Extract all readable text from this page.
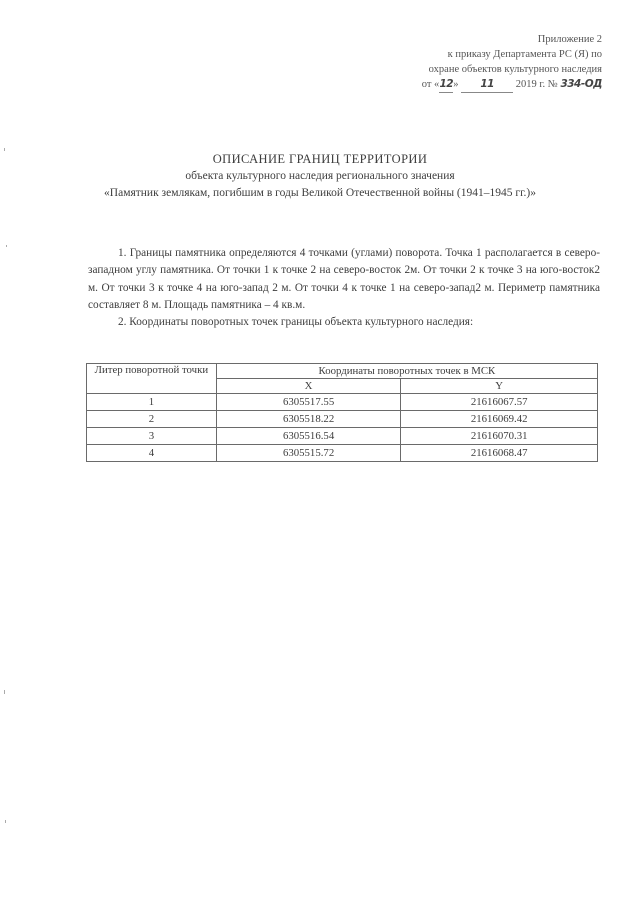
Приложение 2
к приказу Департамента РС (Я) по
охране объектов культурного наследия
от «12» 11 2019 г. № 334-ОД
ОПИСАНИЕ ГРАНИЦ ТЕРРИТОРИИ
объекта культурного наследия регионального значения
«Памятник землякам, погибшим в годы Великой Отечественной войны (1941–1945 гг.)»

1. Границы памятника определяются 4 точками (углами) поворота. Точка 1 располагается в северо-западном углу памятника. От точки 1 к точке 2 на северо-восток 2м. От точки 2 к точке 3 на юго-восток2 м. От точки 3 к точке 4 на юго-запад 2 м. От точки 4 к точке 1 на северо-запад2 м. Периметр памятника составляет 8 м. Площадь памятника – 4 кв.м.

2. Координаты поворотных точек границы объекта культурного наследия:

Литер поворотной точки	Координаты поворотных точек в МСК	
	X	Y
1	6305517.55	21616067.57
2	6305518.22	21616069.42
3	6305516.54	21616070.31
4	6305515.72	21616068.47
